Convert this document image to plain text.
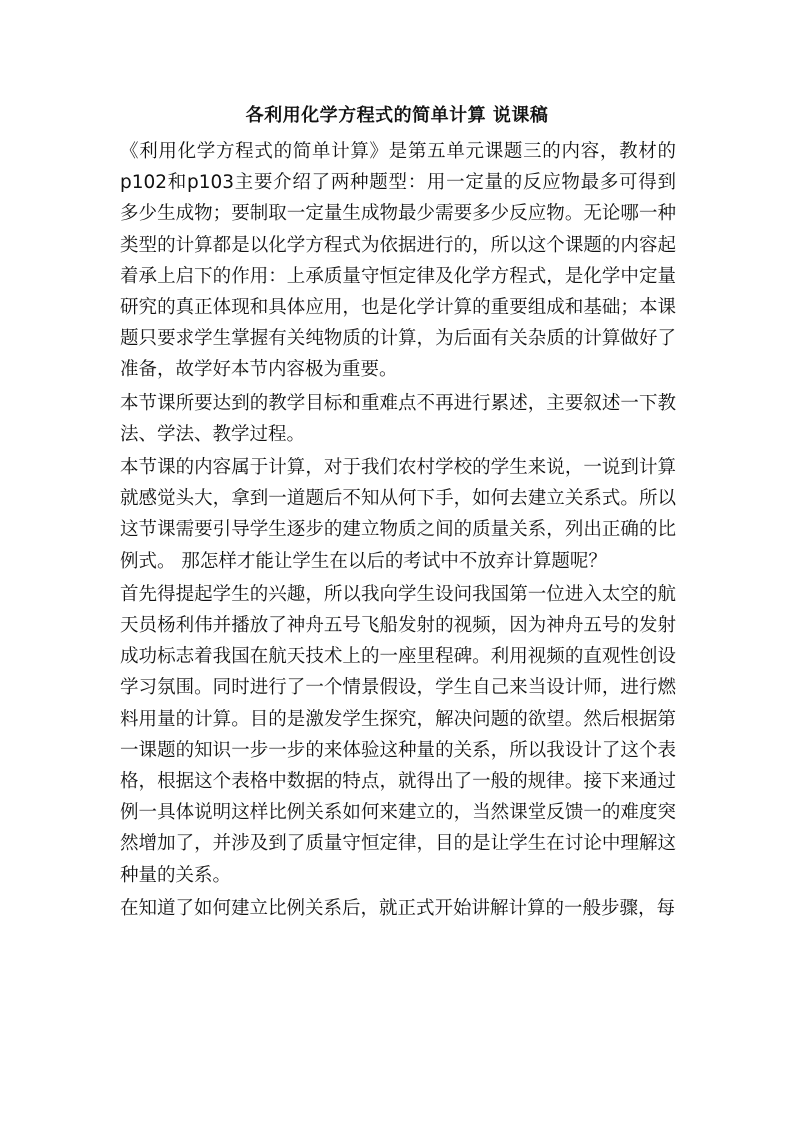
各利用化学方程式的简单计算 说课稿

《利用化学方程式的简单计算》是第五单元课题三的内容，教材的p102和p103主要介绍了两种题型：用一定量的反应物最多可得到多少生成物；要制取一定量生成物最少需要多少反应物。无论哪一种类型的计算都是以化学方程式为依据进行的，所以这个课题的内容起着承上启下的作用：上承质量守恒定律及化学方程式，是化学中定量研究的真正体现和具体应用，也是化学计算的重要组成和基础；本课题只要求学生掌握有关纯物质的计算，为后面有关杂质的计算做好了准备，故学好本节内容极为重要。

本节课所要达到的教学目标和重难点不再进行累述，主要叙述一下教法、学法、教学过程。

本节课的内容属于计算，对于我们农村学校的学生来说，一说到计算就感觉头大，拿到一道题后不知从何下手，如何去建立关系式。所以这节课需要引导学生逐步的建立物质之间的质量关系，列出正确的比例式。 那怎样才能让学生在以后的考试中不放弃计算题呢？

首先得提起学生的兴趣，所以我向学生设问我国第一位进入太空的航天员杨利伟并播放了神舟五号飞船发射的视频，因为神舟五号的发射成功标志着我国在航天技术上的一座里程碑。利用视频的直观性创设学习氛围。同时进行了一个情景假设，学生自己来当设计师，进行燃料用量的计算。目的是激发学生探究，解决问题的欲望。然后根据第一课题的知识一步一步的来体验这种量的关系，所以我设计了这个表格，根据这个表格中数据的特点，就得出了一般的规律。接下来通过例一具体说明这样比例关系如何来建立的，当然课堂反馈一的难度突然增加了，并涉及到了质量守恒定律，目的是让学生在讨论中理解这种量的关系。

在知道了如何建立比例关系后，就正式开始讲解计算的一般步骤，每
